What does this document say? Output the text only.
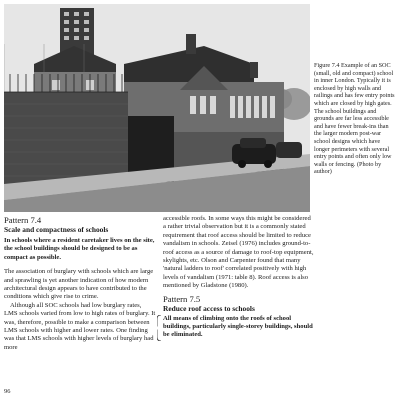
Figure 7.4 Example of an SOC (small, old and compact) school in inner London. Typically it is enclosed by high walls and railings and has few entry points which are closed by high gates. The school buildings and grounds are far less accessible and have fewer break-ins than the larger modern post-war school designs which have longer perimeters with several entry points and often only low walls or fencing. (Photo by author)
Pattern 7.4
Scale and compactness of schools
In schools where a resident caretaker lives on the site, the school buildings should be designed to be as compact as possible.

The association of burglary with schools which are large and sprawling is yet another indication of how modern architectural design appears to have contributed to the conditions which give rise to crime.

Although all SOC schools had low burglary rates, LMS schools varied from low to high rates of burglary. It was, therefore, possible to make a comparison between LMS schools with higher and lower rates. One finding was that LMS schools with higher levels of burglary had more

accessible roofs. In some ways this might be considered a rather trivial observation but it is a commonly stated requirement that roof access should be limited to reduce vandalism in schools. Zeisel (1976) includes ground-to-roof access as a source of damage to roof-top equipment, skylights, etc. Olson and Carpenter found that many 'natural ladders to roof' correlated positively with high levels of vandalism (1971: table 8). Roof access is also mentioned by Gladstone (1980).

Pattern 7.5
Reduce roof access to schools
All means of climbing onto the roofs of school buildings, particularly single-storey buildings, should be eliminated.
96
